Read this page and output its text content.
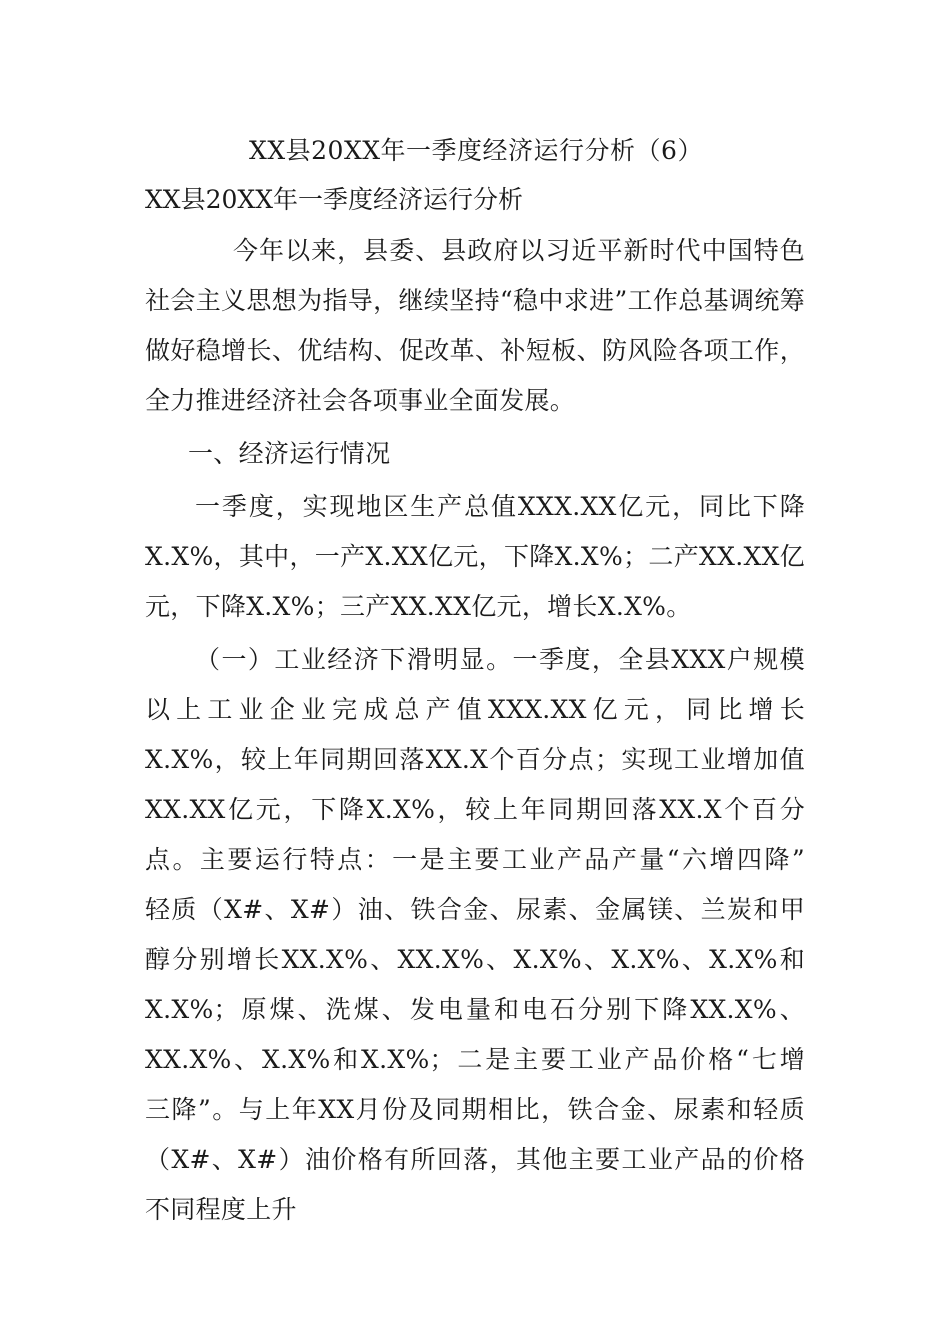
XX县20XX年一季度经济运行分析（6）
XX县20XX年一季度经济运行分析

今年以来，县委、县政府以习近平新时代中国特色社会主义思想为指导，继续坚持“稳中求进”工作总基调统筹做好稳增长、优结构、促改革、补短板、防风险各项工作，全力推进经济社会各项事业全面发展。

一、经济运行情况

一季度，实现地区生产总值XXX.XX亿元，同比下降X.X%，其中，一产X.XX亿元，下降X.X%；二产XX.XX亿元，下降X.X%；三产XX.XX亿元，增长X.X%。

（一）工业经济下滑明显。一季度，全县XXX户规模
以上工业企业完成总产值XXX.XX亿元，同比增长
X.X%，较上年同期回落XX.X个百分点；实现工业增加值
XX.XX亿元，下降X.X%，较上年同期回落XX.X个百分
点。主要运行特点：一是主要工业产品产量“六增四降”
轻质（X#、X#）油、铁合金、尿素、金属镁、兰炭和甲
醇分别增长XX.X%、XX.X%、X.X%、X.X%、X.X%和
X.X%；原煤、洗煤、发电量和电石分别下降XX.X%、
XX.X%、X.X%和X.X%；二是主要工业产品价格“七增
三降”。与上年XX月份及同期相比，铁合金、尿素和轻质
（X#、X#）油价格有所回落，其他主要工业产品的价格
不同程度上升
